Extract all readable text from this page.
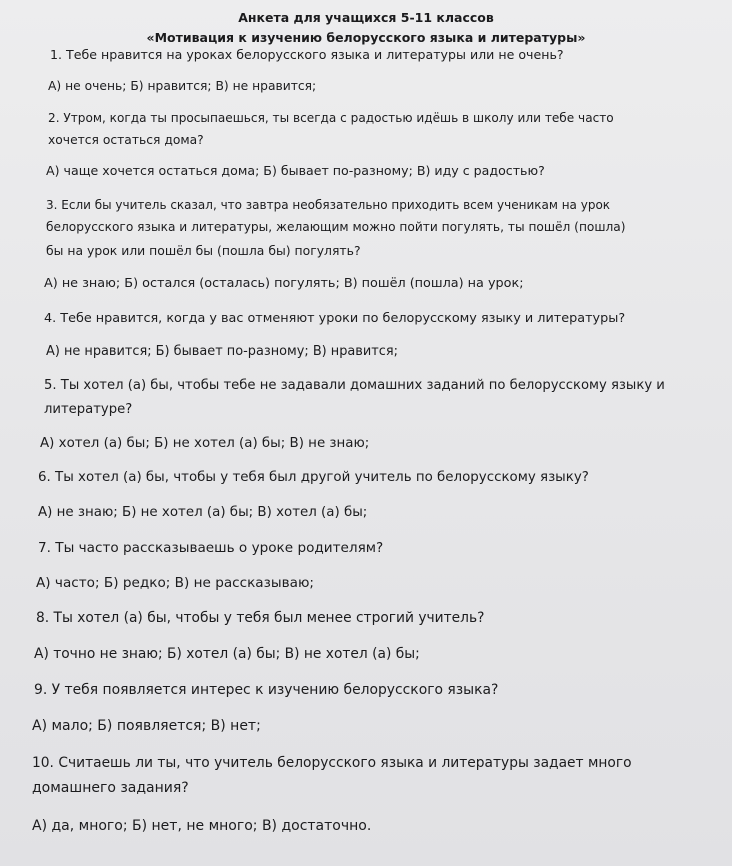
Анкета для учащихся 5-11 классов
«Мотивация к изучению белорусского языка и литературы»
1. Тебе нравится на уроках белорусского языка и литературы или не очень?
А) не очень; Б) нравится; В) не нравится;
2. Утром, когда ты просыпаешься, ты всегда с радостью идёшь в школу или тебе часто
хочется остаться дома?
А) чаще хочется остаться дома; Б) бывает по-разному; В) иду с радостью?
3. Если бы учитель сказал, что завтра необязательно приходить всем ученикам на урок
белорусского языка и литературы, желающим можно пойти погулять, ты пошёл (пошла)
бы на урок или пошёл бы (пошла бы) погулять?
А) не знаю; Б) остался (осталась) погулять; В) пошёл (пошла) на урок;
4. Тебе нравится, когда у вас отменяют уроки по белорусскому языку и литературы?
А) не нравится; Б) бывает по-разному; В) нравится;
5. Ты хотел (а) бы, чтобы тебе не задавали домашних заданий по белорусскому языку и
литературе?
А) хотел (а) бы; Б) не хотел (а) бы; В) не знаю;
6. Ты хотел (а) бы, чтобы у тебя был другой учитель по белорусскому языку?
А) не знаю; Б) не хотел (а) бы; В) хотел (а) бы;
7. Ты часто рассказываешь о уроке родителям?
А) часто; Б) редко; В) не рассказываю;
8. Ты хотел (а) бы, чтобы у тебя был менее строгий учитель?
А) точно не знаю; Б) хотел (а) бы; В) не хотел (а) бы;
9. У тебя появляется интерес к изучению белорусского языка?
А) мало; Б) появляется; В) нет;
10. Считаешь ли ты, что учитель белорусского языка и литературы задает много
домашнего задания?
А) да, много; Б) нет, не много; В) достаточно.
